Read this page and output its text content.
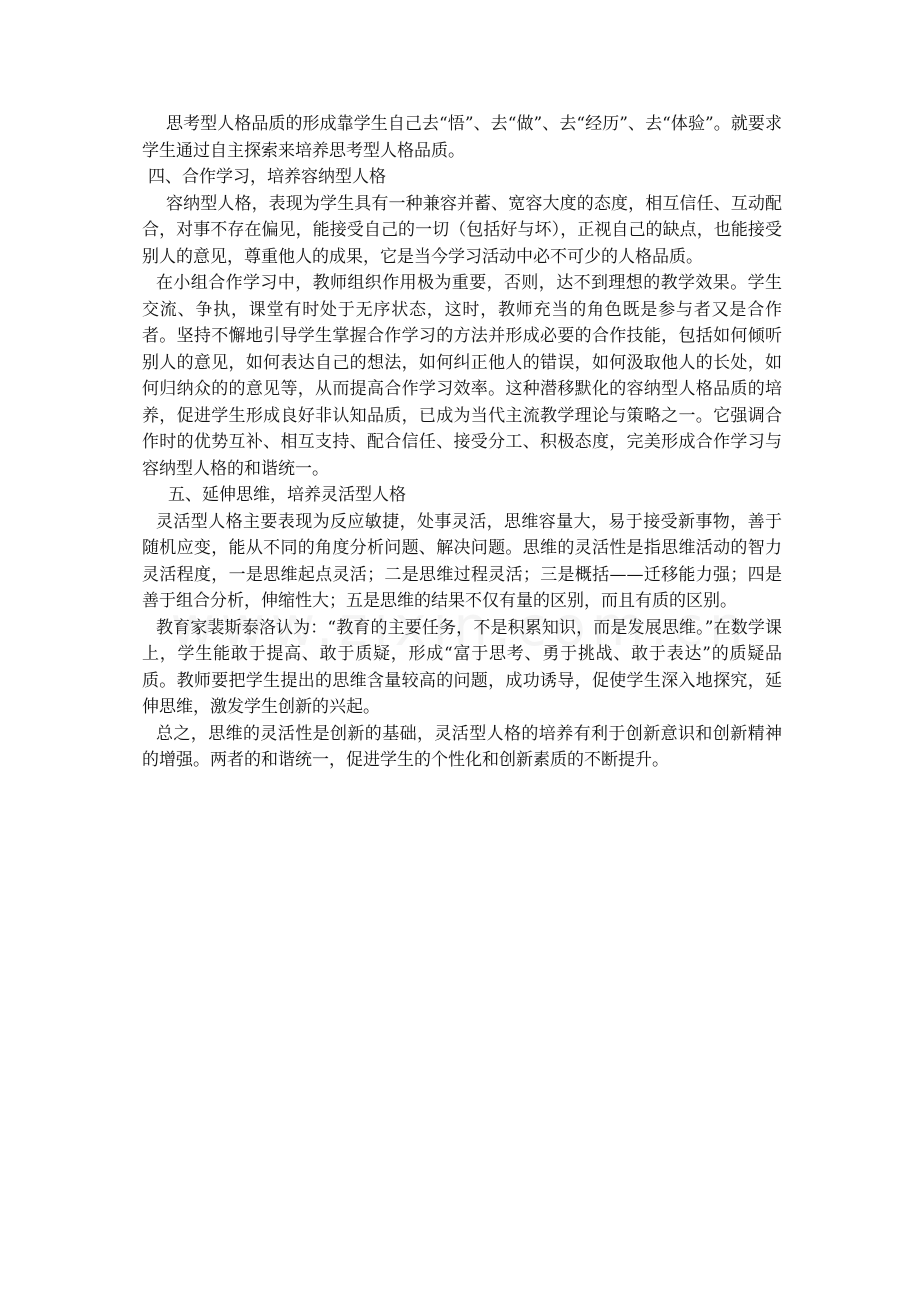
思考型人格品质的形成靠学生自己去“悟”、去“做”、去“经历”、去“体验”。就要求学生通过自主探索来培养思考型人格品质。

四、合作学习，培养容纳型人格

容纳型人格，表现为学生具有一种兼容并蓄、宽容大度的态度，相互信任、互动配合，对事不存在偏见，能接受自己的一切（包括好与坏），正视自己的缺点，也能接受别人的意见，尊重他人的成果，它是当今学习活动中必不可少的人格品质。

在小组合作学习中，教师组织作用极为重要，否则，达不到理想的教学效果。学生交流、争执，课堂有时处于无序状态，这时，教师充当的角色既是参与者又是合作者。坚持不懈地引导学生掌握合作学习的方法并形成必要的合作技能，包括如何倾听别人的意见，如何表达自己的想法，如何纠正他人的错误，如何汲取他人的长处，如何归纳众的的意见等，从而提高合作学习效率。这种潜移默化的容纳型人格品质的培养，促进学生形成良好非认知品质，已成为当代主流教学理论与策略之一。它强调合作时的优势互补、相互支持、配合信任、接受分工、积极态度，完美形成合作学习与容纳型人格的和谐统一。

五、延伸思维，培养灵活型人格

灵活型人格主要表现为反应敏捷，处事灵活，思维容量大，易于接受新事物，善于随机应变，能从不同的角度分析问题、解决问题。思维的灵活性是指思维活动的智力灵活程度，一是思维起点灵活；二是思维过程灵活；三是概括——迁移能力强；四是善于组合分析，伸缩性大；五是思维的结果不仅有量的区别，而且有质的区别。

教育家裴斯泰洛认为：“教育的主要任务，不是积累知识，而是发展思维。”在数学课上，学生能敢于提高、敢于质疑，形成“富于思考、勇于挑战、敢于表达”的质疑品质。教师要把学生提出的思维含量较高的问题，成功诱导，促使学生深入地探究，延伸思维，激发学生创新的兴起。

总之，思维的灵活性是创新的基础，灵活型人格的培养有利于创新意识和创新精神的增强。两者的和谐统一，促进学生的个性化和创新素质的不断提升。
